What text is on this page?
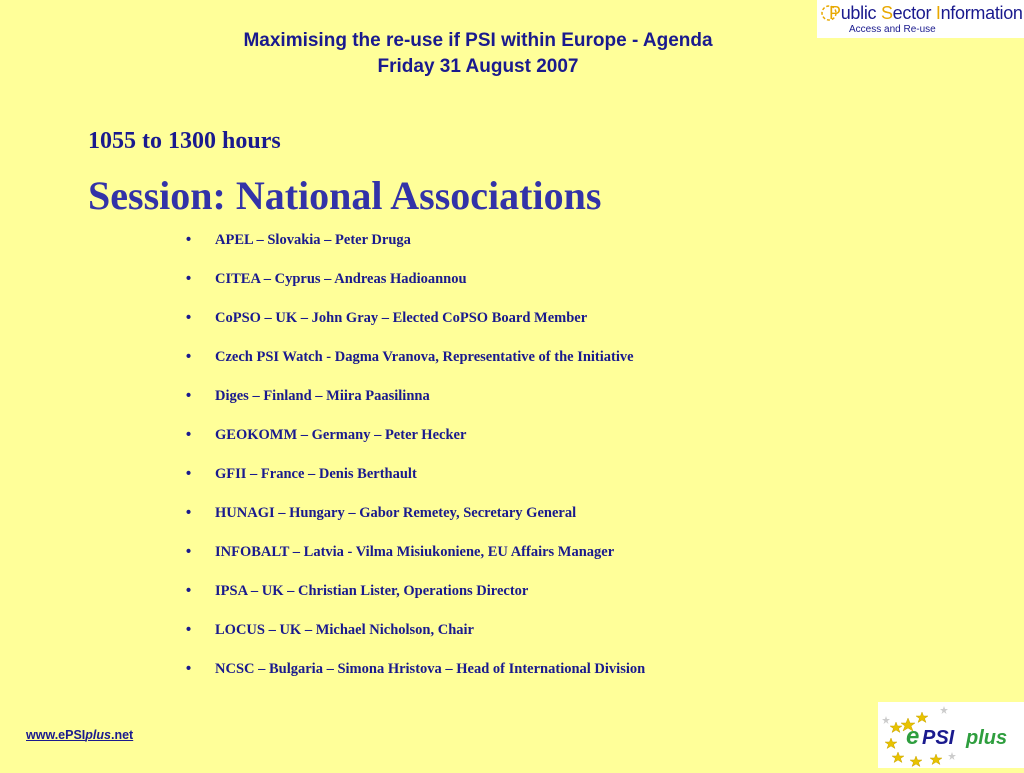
Maximising the re-use if PSI within Europe - Agenda
Friday 31 August 2007
Public Sector Information
Access and Re-use
1055 to 1300 hours
Session: National Associations
•	APEL – Slovakia – Peter Druga
•	CITEA – Cyprus – Andreas Hadioannou
•	CoPSO – UK – John Gray – Elected CoPSO Board Member
•	Czech PSI Watch - Dagma Vranova, Representative of the Initiative
•	Diges – Finland – Miira Paasilinna
•	GEOKOMM – Germany – Peter Hecker
•	GFII – France – Denis Berthault
•	HUNAGI – Hungary – Gabor Remetey, Secretary General
•	INFOBALT – Latvia - Vilma Misiukoniene, EU Affairs Manager
•	IPSA – UK – Christian Lister, Operations Director
•	LOCUS – UK – Michael Nicholson, Chair
•	NCSC – Bulgaria – Simona Hristova – Head of International Division
www.ePSIplus.net	e PSI plus
